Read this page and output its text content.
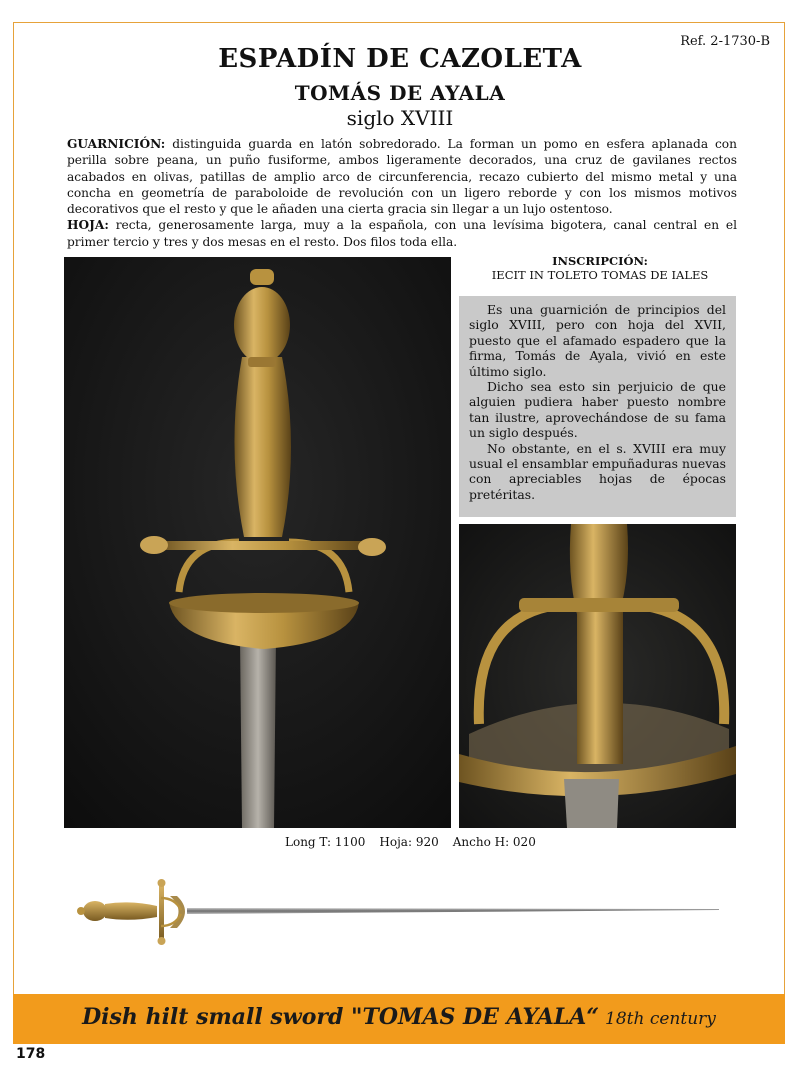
Ref. 2-1730-B
ESPADÍN DE CAZOLETA
TOMÁS DE AYALA
siglo XVIII

GUARNICIÓN: distinguida guarda en latón sobredorado. La forman un pomo en esfera aplanada con perilla sobre peana, un puño fusiforme, ambos ligeramente decorados, una cruz de gavilanes rectos acabados en olivas, patillas de amplio arco de circunferencia, recazo cubierto del mismo metal y una concha en geometría de paraboloide de revolución con un ligero reborde y con los mismos motivos decorativos que el resto y que le añaden una cierta gracia sin llegar a un lujo ostentoso.

HOJA: recta, generosamente larga, muy a la española, con una levísima bigotera, canal central en el primer tercio y tres y dos mesas en el resto. Dos filos toda ella.

INSCRIPCIÓN:
IECIT IN TOLETO TOMAS DE IALES

Es una guarnición de principios del siglo XVIII, pero con hoja del XVII, puesto que el afamado espadero que la firma, Tomás de Ayala, vivió en este último siglo.

Dicho sea esto sin perjuicio de que alguien pudiera haber puesto nombre tan ilustre, aprovechándose de su fama un siglo después.

No obstante, en el s. XVIII era muy usual el ensamblar empuñaduras nuevas con apreciables hojas de épocas pretéritas.

Long T: 1100 Hoja: 920 Ancho H: 020
Dish hilt small sword "TOMAS DE AYALA“ 18th century
178
